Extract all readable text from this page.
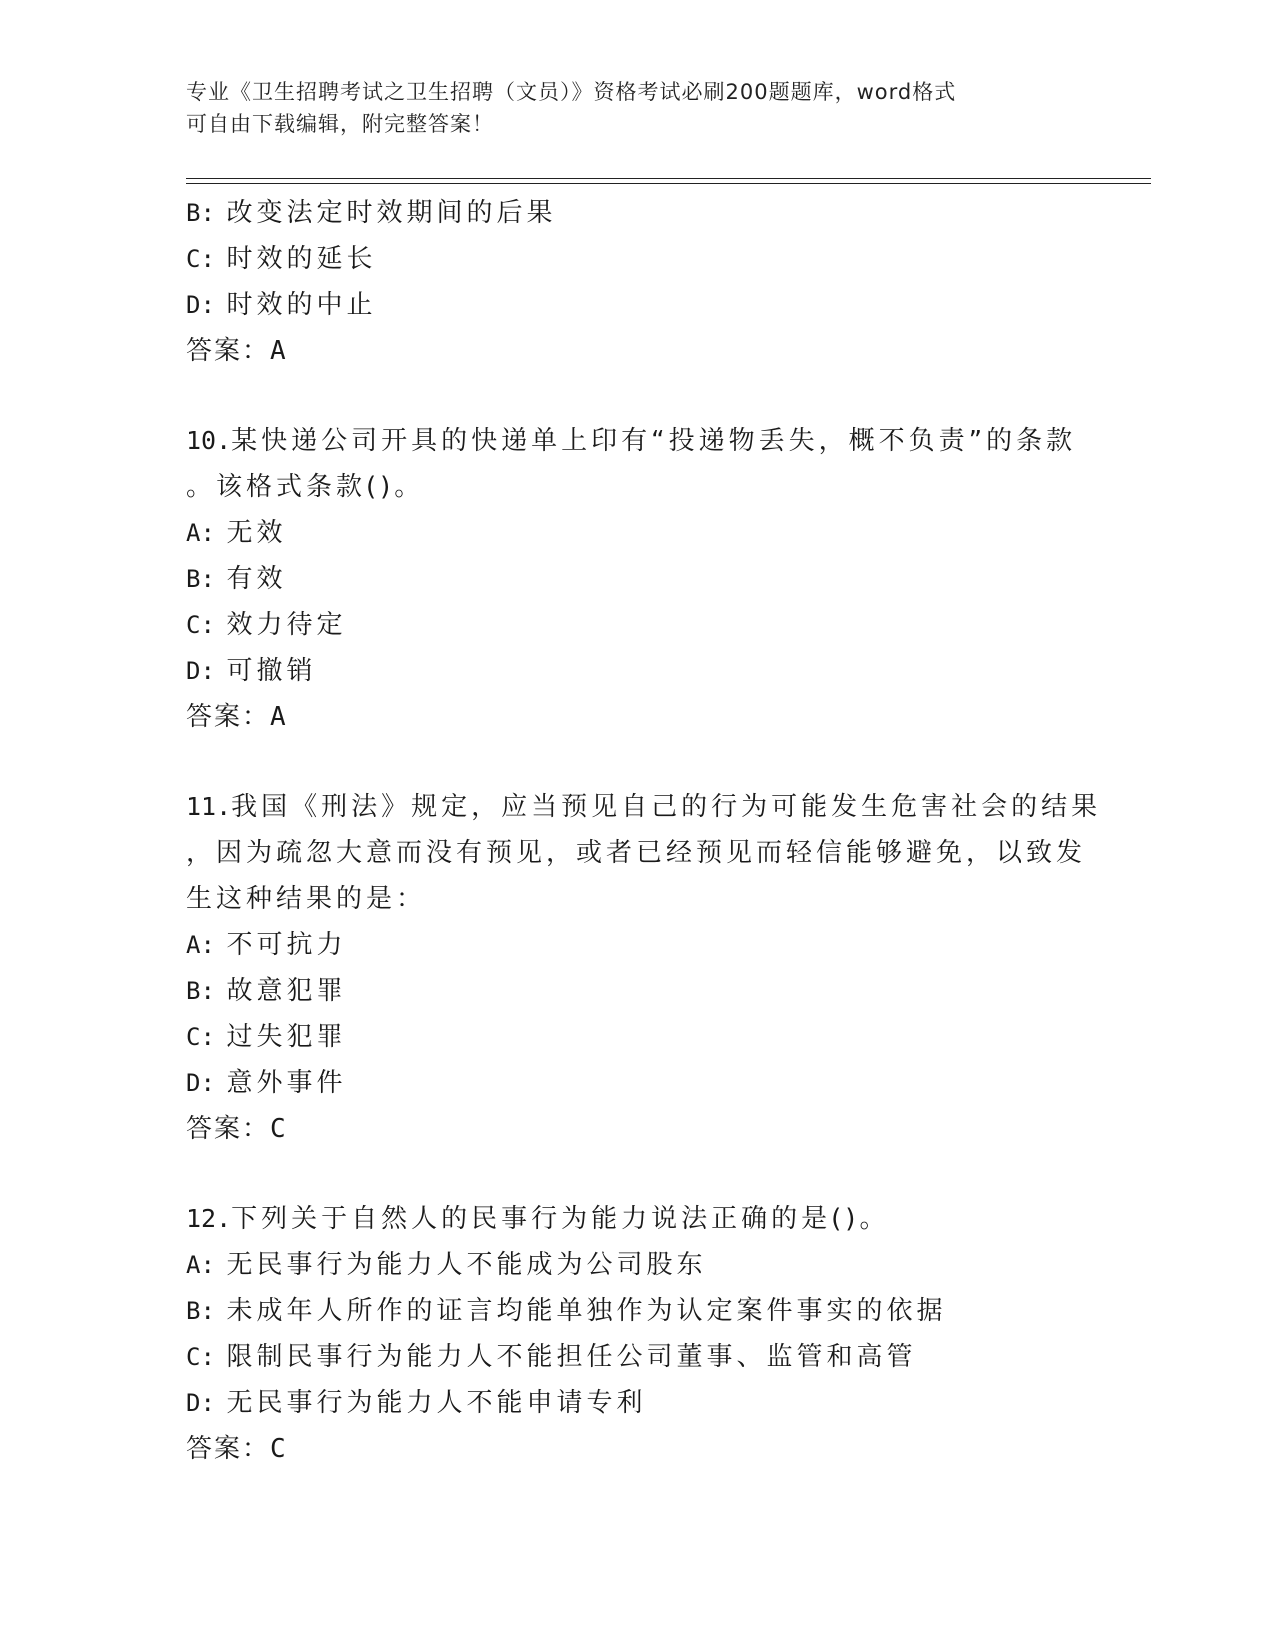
专业《卫生招聘考试之卫生招聘（文员）》资格考试必刷200题题库，word格式
可自由下载编辑，附完整答案！
B: 改变法定时效期间的后果
C: 时效的延长
D: 时效的中止
答案：A
10.某快递公司开具的快递单上印有“投递物丢失，概不负责”的条款
。该格式条款()。
A: 无效
B: 有效
C: 效力待定
D: 可撤销
答案：A
11.我国《刑法》规定，应当预见自己的行为可能发生危害社会的结果
，因为疏忽大意而没有预见，或者已经预见而轻信能够避免，以致发
生这种结果的是：
A: 不可抗力
B: 故意犯罪
C: 过失犯罪
D: 意外事件
答案：C
12.下列关于自然人的民事行为能力说法正确的是()。
A: 无民事行为能力人不能成为公司股东
B: 未成年人所作的证言均能单独作为认定案件事实的依据
C: 限制民事行为能力人不能担任公司董事、监管和高管
D: 无民事行为能力人不能申请专利
答案：C
